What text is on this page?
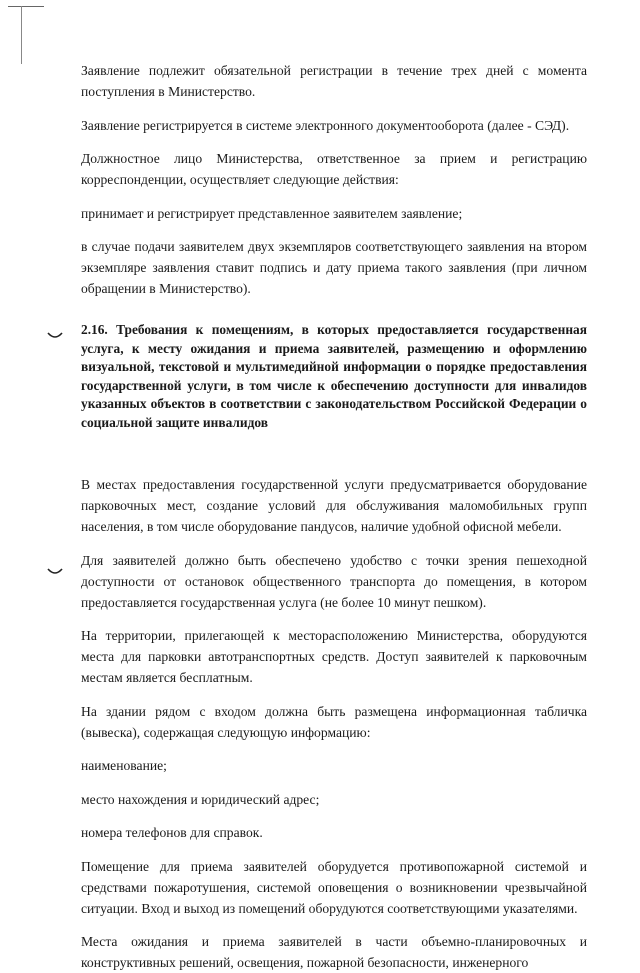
Заявление подлежит обязательной регистрации в течение трех дней с момента поступления в Министерство.

Заявление регистрируется в системе электронного документооборота (далее - СЭД).

Должностное лицо Министерства, ответственное за прием и регистрацию корреспонденции, осуществляет следующие действия:

принимает и регистрирует представленное заявителем заявление;

в случае подачи заявителем двух экземпляров соответствующего заявления на втором экземпляре заявления ставит подпись и дату приема такого заявления (при личном обращении в Министерство).

2.16. Требования к помещениям, в которых предоставляется государственная услуга, к месту ожидания и приема заявителей, размещению и оформлению визуальной, текстовой и мультимедийной информации о порядке предоставления государственной услуги, в том числе к обеспечению доступности для инвалидов указанных объектов в соответствии с законодательством Российской Федерации о социальной защите инвалидов

В местах предоставления государственной услуги предусматривается оборудование парковочных мест, создание условий для обслуживания маломобильных групп населения, в том числе оборудование пандусов, наличие удобной офисной мебели.

Для заявителей должно быть обеспечено удобство с точки зрения пешеходной доступности от остановок общественного транспорта до помещения, в котором предоставляется государственная услуга (не более 10 минут пешком).

На территории, прилегающей к месторасположению Министерства, оборудуются места для парковки автотранспортных средств. Доступ заявителей к парковочным местам является бесплатным.

На здании рядом с входом должна быть размещена информационная табличка (вывеска), содержащая следующую информацию:

наименование;

место нахождения и юридический адрес;

номера телефонов для справок.

Помещение для приема заявителей оборудуется противопожарной системой и средствами пожаротушения, системой оповещения о возникновении чрезвычайной ситуации. Вход и выход из помещений оборудуются соответствующими указателями.

Места ожидания и приема заявителей в части объемно-планировочных и конструктивных решений, освещения, пожарной безопасности, инженерного
